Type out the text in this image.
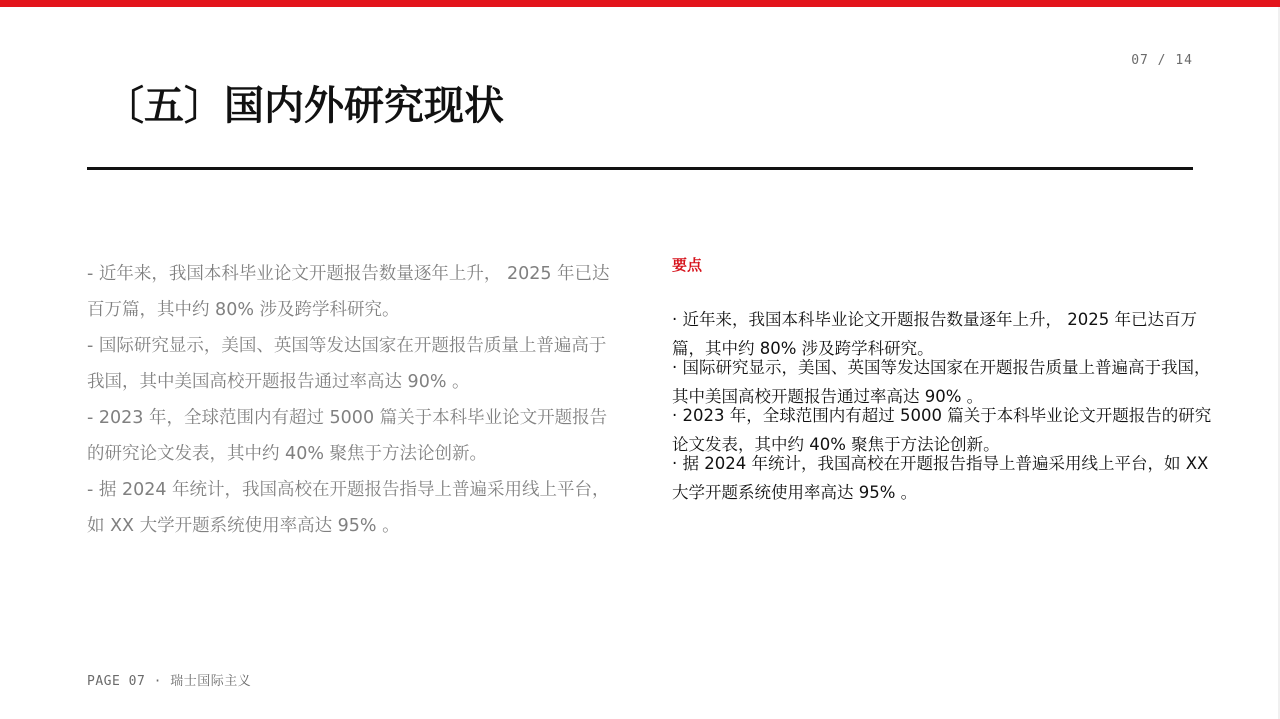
07 / 14
〔五〕国内外研究现状

- 近年来，我国本科毕业论文开题报告数量逐年上升， 2025 年已达百万篇，其中约 80% 涉及跨学科研究。

- 国际研究显示，美国、英国等发达国家在开题报告质量上普遍高于我国，其中美国高校开题报告通过率高达 90% 。

- 2023 年，全球范围内有超过 5000 篇关于本科毕业论文开题报告的研究论文发表，其中约 40% 聚焦于方法论创新。

- 据 2024 年统计，我国高校在开题报告指导上普遍采用线上平台，如 XX 大学开题系统使用率高达 95% 。

要点

· 近年来，我国本科毕业论文开题报告数量逐年上升， 2025 年已达百万篇，其中约 80% 涉及跨学科研究。

· 国际研究显示，美国、英国等发达国家在开题报告质量上普遍高于我国，其中美国高校开题报告通过率高达 90% 。

· 2023 年，全球范围内有超过 5000 篇关于本科毕业论文开题报告的研究论文发表，其中约 40% 聚焦于方法论创新。

· 据 2024 年统计，我国高校在开题报告指导上普遍采用线上平台，如 XX 大学开题系统使用率高达 95% 。

PAGE 07 · 瑞士国际主义
